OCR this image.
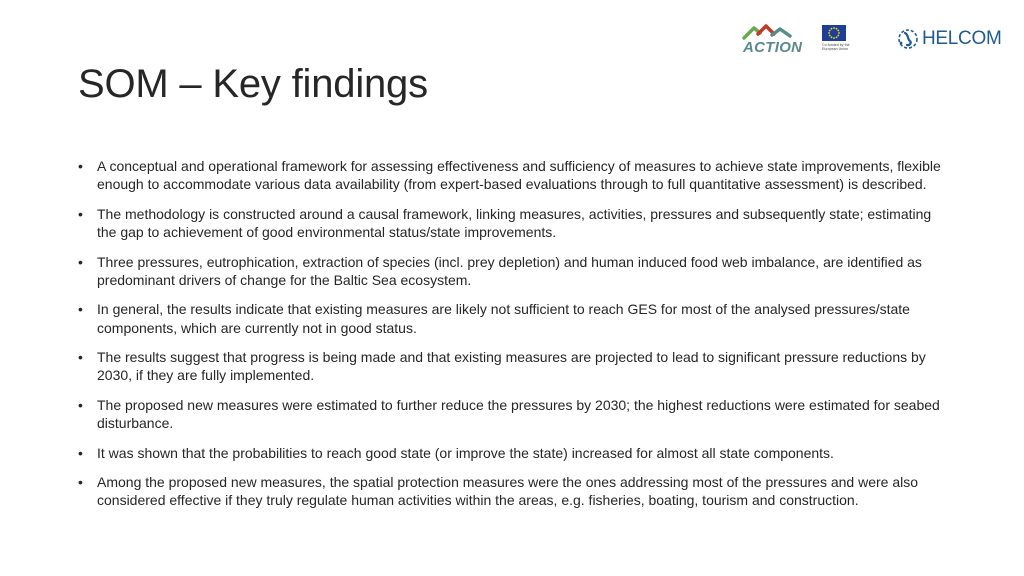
ACTION	Co-funded by the
European Union
HELCOM
SOM – Key findings
• A conceptual and operational framework for assessing effectiveness and sufficiency of measures to achieve state improvements, flexible enough to accommodate various data availability (from expert-based evaluations through to full quantitative assessment) is described.
• The methodology is constructed around a causal framework, linking measures, activities, pressures and subsequently state; estimating the gap to achievement of good environmental status/state improvements.
• Three pressures, eutrophication, extraction of species (incl. prey depletion) and human induced food web imbalance, are identified as predominant drivers of change for the Baltic Sea ecosystem.
• In general, the results indicate that existing measures are likely not sufficient to reach GES for most of the analysed pressures/state components, which are currently not in good status.
• The results suggest that progress is being made and that existing measures are projected to lead to significant pressure reductions by 2030, if they are fully implemented.
• The proposed new measures were estimated to further reduce the pressures by 2030; the highest reductions were estimated for seabed disturbance.
• It was shown that the probabilities to reach good state (or improve the state) increased for almost all state components.
• Among the proposed new measures, the spatial protection measures were the ones addressing most of the pressures and were also considered effective if they truly regulate human activities within the areas, e.g. fisheries, boating, tourism and construction.
